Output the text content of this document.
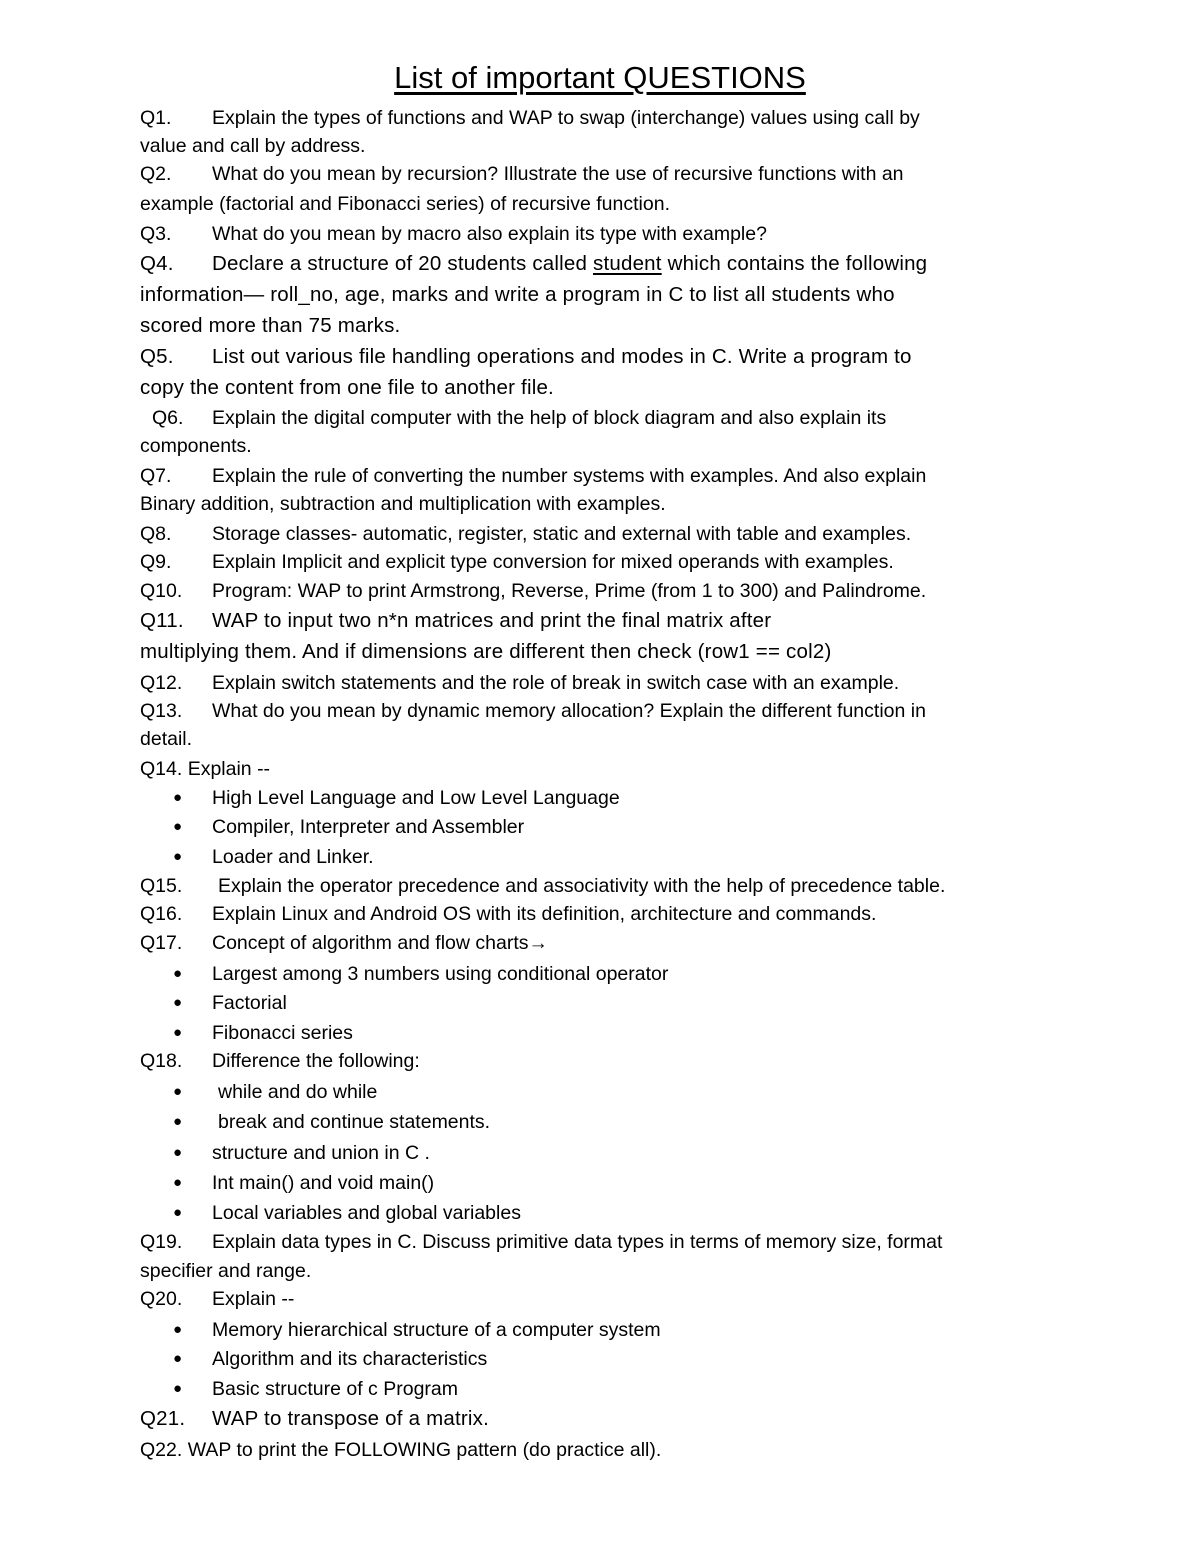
List of important QUESTIONS
Q1. Explain the types of functions and WAP to swap (interchange) values using call by
value and call by address.
Q2. What do you mean by recursion? Illustrate the use of recursive functions with an
example (factorial and Fibonacci series) of recursive function.
Q3. What do you mean by macro also explain its type with example?
Q4. Declare a structure of 20 students called student which contains the following
information— roll_no, age, marks and write a program in C to list all students who
scored more than 75 marks.
Q5. List out various file handling operations and modes in C. Write a program to
copy the content from one file to another file.
Q6. Explain the digital computer with the help of block diagram and also explain its
components.
Q7. Explain the rule of converting the number systems with examples. And also explain
Binary addition, subtraction and multiplication with examples.
Q8. Storage classes- automatic, register, static and external with table and examples.
Q9. Explain Implicit and explicit type conversion for mixed operands with examples.
Q10. Program: WAP to print Armstrong, Reverse, Prime (from 1 to 300) and Palindrome.
Q11. WAP to input two n*n matrices and print the final matrix after
multiplying them. And if dimensions are different then check (row1 == col2)
Q12. Explain switch statements and the role of break in switch case with an example.
Q13. What do you mean by dynamic memory allocation? Explain the different function in
detail.
Q14. Explain --
● High Level Language and Low Level Language
● Compiler, Interpreter and Assembler
● Loader and Linker.
Q15. Explain the operator precedence and associativity with the help of precedence table.
Q16. Explain Linux and Android OS with its definition, architecture and commands.
Q17. Concept of algorithm and flow charts→
● Largest among 3 numbers using conditional operator
● Factorial
● Fibonacci series
Q18. Difference the following:
●	while and do while
●	break and continue statements.
● structure and union in C .
● Int main() and void main()
● Local variables and global variables
Q19. Explain data types in C. Discuss primitive data types in terms of memory size, format
specifier and range.
Q20. Explain --
● Memory hierarchical structure of a computer system
● Algorithm and its characteristics
● Basic structure of c Program
Q21. WAP to transpose of a matrix.
Q22. WAP to print the FOLLOWING pattern (do practice all).
